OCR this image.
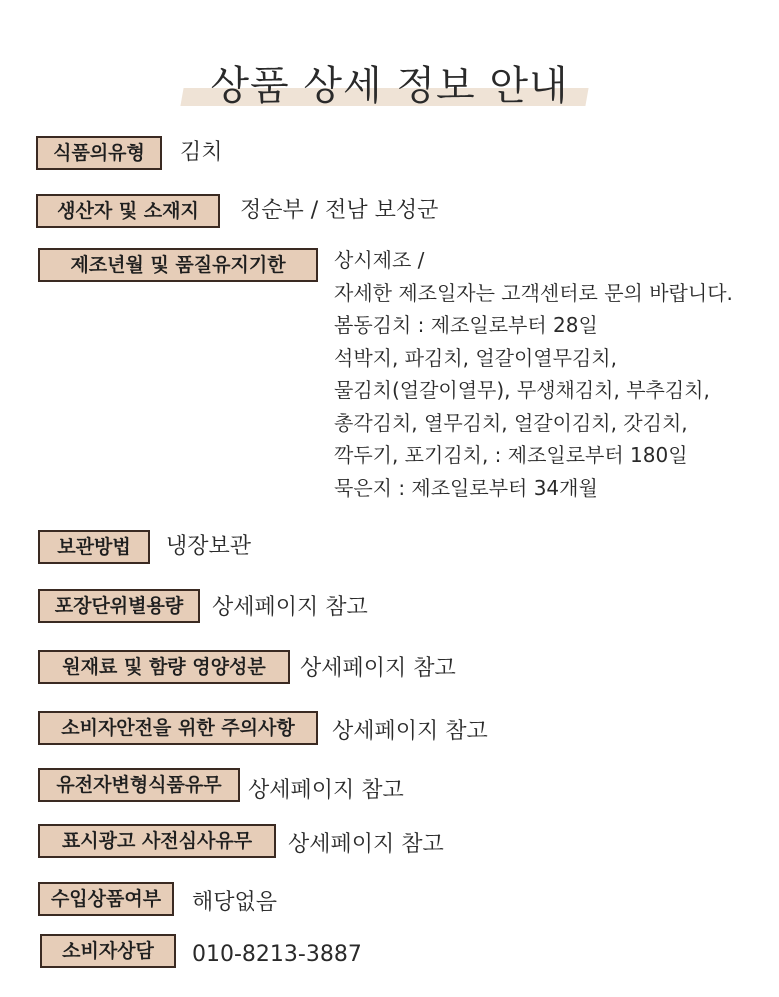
상품 상세 정보 안내
식품의유형	김치
생산자 및 소재지	정순부 / 전남 보성군
제조년월 및 품질유지기한	상시제조 /
자세한 제조일자는 고객센터로 문의 바랍니다.
봄동김치 : 제조일로부터 28일
석박지, 파김치, 얼갈이열무김치,
물김치(얼갈이열무), 무생채김치, 부추김치,
총각김치, 열무김치, 얼갈이김치, 갓김치,
깍두기, 포기김치, : 제조일로부터 180일
묵은지 : 제조일로부터 34개월
보관방법	냉장보관
포장단위별용량	상세페이지 참고
원재료 및 함량 영양성분	상세페이지 참고
소비자안전을 위한 주의사항	상세페이지 참고
유전자변형식품유무	상세페이지 참고
표시광고 사전심사유무	상세페이지 참고
수입상품여부	해당없음
소비자상담	010-8213-3887
